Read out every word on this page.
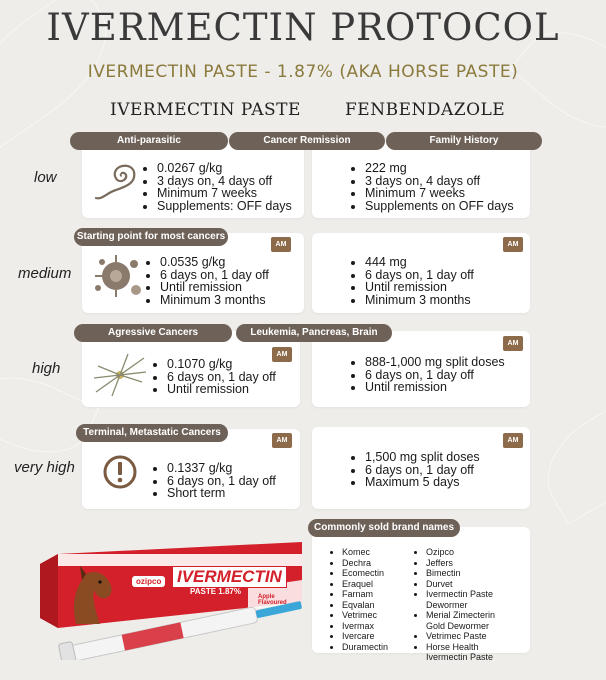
IVERMECTIN PROTOCOL
IVERMECTIN PASTE - 1.87% (AKA HORSE PASTE)
IVERMECTIN PASTE	FENBENDAZOLE
Anti-parasitic	Cancer Remission	Family History
low
• 0.0267 g/kg
• 3 days on, 4 days off
• Minimum 7 weeks
• Supplements: OFF days
• 222 mg
• 3 days on, 4 days off
• Minimum 7 weeks
• Supplements on OFF days
Starting point for most cancers
AM	AM
medium
• 0.0535 g/kg
• 6 days on, 1 day off
• Until remission
• Minimum 3 months
• 444 mg
• 6 days on, 1 day off
• Until remission
• Minimum 3 months
Agressive Cancers	Leukemia, Pancreas, Brain
AM
AM
high	• 0.1070 g/kg
• 6 days on, 1 day off
• Until remission
• 888-1,000 mg split doses
• 6 days on, 1 day off
• Until remission
Terminal, Metastatic Cancers
AM	AM
very high	• 0.1337 g/kg
• 6 days on, 1 day off
• Short term
• 1,500 mg split doses
• 6 days on, 1 day off
• Maximum 5 days
• Komec
• Dechra
• Ecomectin
• Eraquel
• Farnam
• Eqvalan
• Vetrimec
• Ivermax
• Ivercare
• Duramectin
• Ozipco
• Jeffers
• Bimectin
• Durvet
• Ivermectin Paste Dewormer
• Merial Zimecterin Gold Dewormer
• Vetrimec Paste
• Horse Health Ivermectin Paste
Commonly sold brand names
ozipco IVERMECTIN
PASTE 1.87%
Apple Flavoured
